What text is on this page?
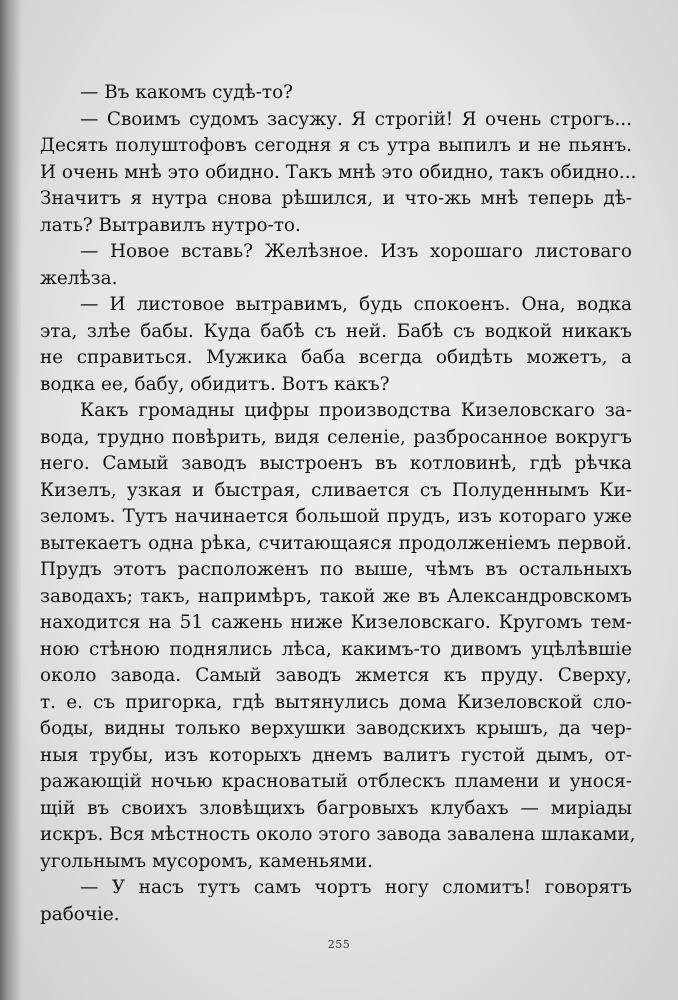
— Въ какомъ судѣ-то?
— Своимъ судомъ засужу. Я строгій! Я очень строгъ...
Десять полуштофовъ сегодня я съ утра выпилъ и не пьянъ.
И очень мнѣ это обидно. Такъ мнѣ это обидно, такъ обидно...
Значитъ я нутра снова рѣшился, и что-жь мнѣ теперь дѣ-
лать? Вытравилъ нутро-то.
— Новое вставь? Желѣзное. Изъ хорошаго листоваго
желѣза.
— И листовое вытравимъ, будь спокоенъ. Она, водка
эта, злѣе бабы. Куда бабѣ съ ней. Бабѣ съ водкой никакъ
не справиться. Мужика баба всегда обидѣть можетъ, а
водка ее, бабу, обидитъ. Вотъ какъ?
Какъ громадны цифры производства Кизеловскаго за-
вода, трудно повѣрить, видя селеніе, разбросанное вокругъ
него. Самый заводъ выстроенъ въ котловинѣ, гдѣ рѣчка
Кизелъ, узкая и быстрая, сливается съ Полуденнымъ Ки-
зеломъ. Тутъ начинается большой прудъ, изъ котораго уже
вытекаетъ одна рѣка, считающаяся продолженіемъ первой.
Прудъ этотъ расположенъ по выше, чѣмъ въ остальныхъ
заводахъ; такъ, напримѣръ, такой же въ Александровскомъ
находится на 51 сажень ниже Кизеловскаго. Кругомъ тем-
ною стѣною поднялись лѣса, какимъ-то дивомъ уцѣлѣвшіе
около завода. Самый заводъ жмется къ пруду. Сверху,
т. е. съ пригорка, гдѣ вытянулись дома Кизеловской сло-
боды, видны только верхушки заводскихъ крышъ, да чер-
ныя трубы, изъ которыхъ днемъ валитъ густой дымъ, от-
ражающій ночью красноватый отблескъ пламени и унося-
щій въ своихъ зловѣщихъ багровыхъ клубахъ — миріады
искръ. Вся мѣстность около этого завода завалена шлаками,
угольнымъ мусоромъ, каменьями.
— У насъ тутъ самъ чортъ ногу сломитъ! говорятъ
рабочіе.
255
